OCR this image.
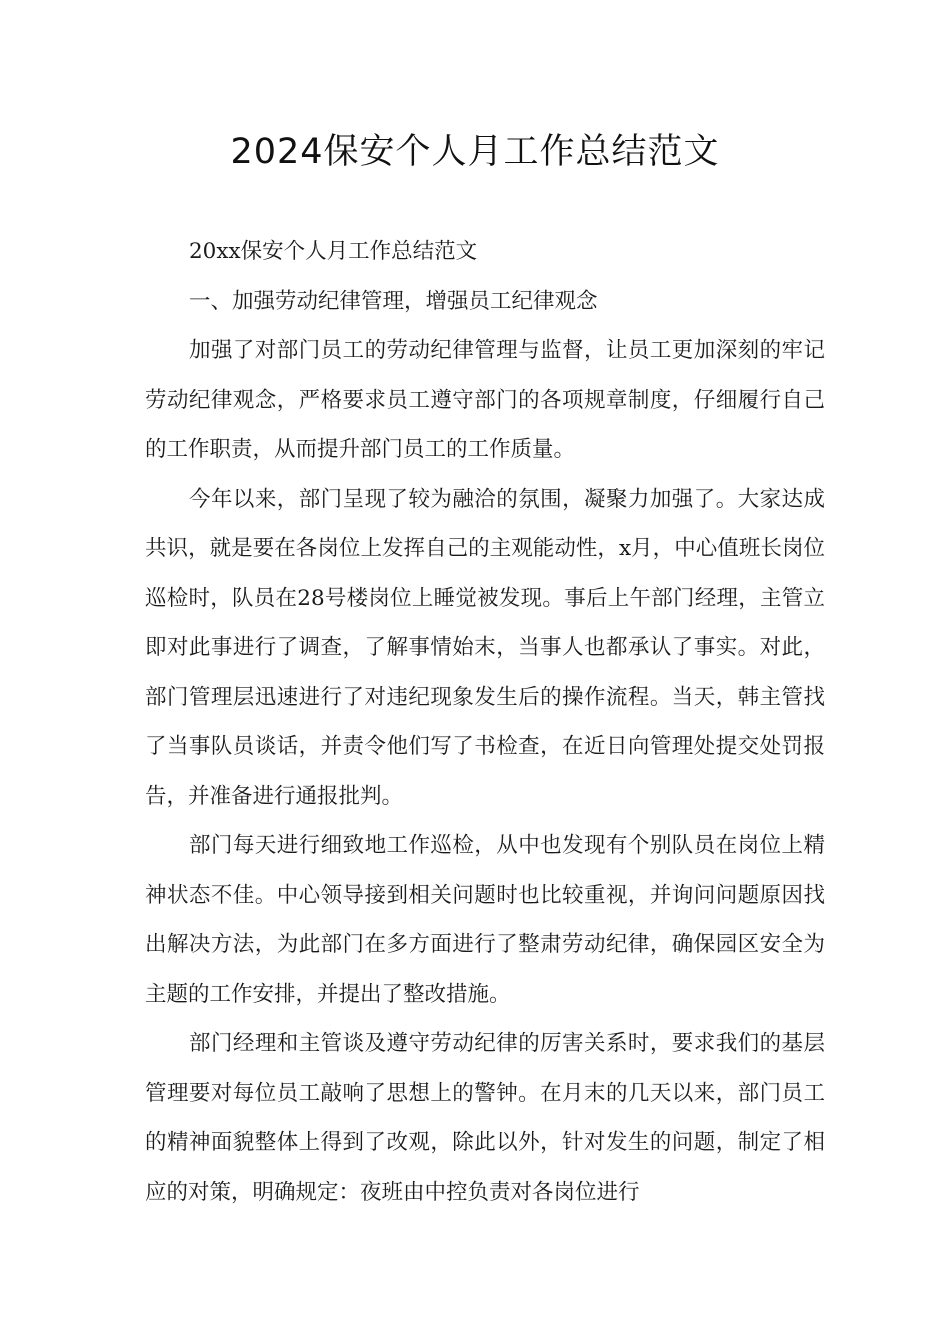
2024保安个人月工作总结范文

20xx保安个人月工作总结范文

一、加强劳动纪律管理，增强员工纪律观念

加强了对部门员工的劳动纪律管理与监督，让员工更加深刻的牢记劳动纪律观念，严格要求员工遵守部门的各项规章制度，仔细履行自己的工作职责，从而提升部门员工的工作质量。

今年以来，部门呈现了较为融洽的氛围，凝聚力加强了。大家达成共识，就是要在各岗位上发挥自己的主观能动性，x月，中心值班长岗位巡检时，队员在28号楼岗位上睡觉被发现。事后上午部门经理，主管立即对此事进行了调查，了解事情始末，当事人也都承认了事实。对此，部门管理层迅速进行了对违纪现象发生后的操作流程。当天，韩主管找了当事队员谈话，并责令他们写了书检查，在近日向管理处提交处罚报告，并准备进行通报批判。

部门每天进行细致地工作巡检，从中也发现有个别队员在岗位上精神状态不佳。中心领导接到相关问题时也比较重视，并询问问题原因找出解决方法，为此部门在多方面进行了整肃劳动纪律，确保园区安全为主题的工作安排，并提出了整改措施。

部门经理和主管谈及遵守劳动纪律的厉害关系时，要求我们的基层管理要对每位员工敲响了思想上的警钟。在月末的几天以来，部门员工的精神面貌整体上得到了改观，除此以外，针对发生的问题，制定了相应的对策，明确规定：夜班由中控负责对各岗位进行
